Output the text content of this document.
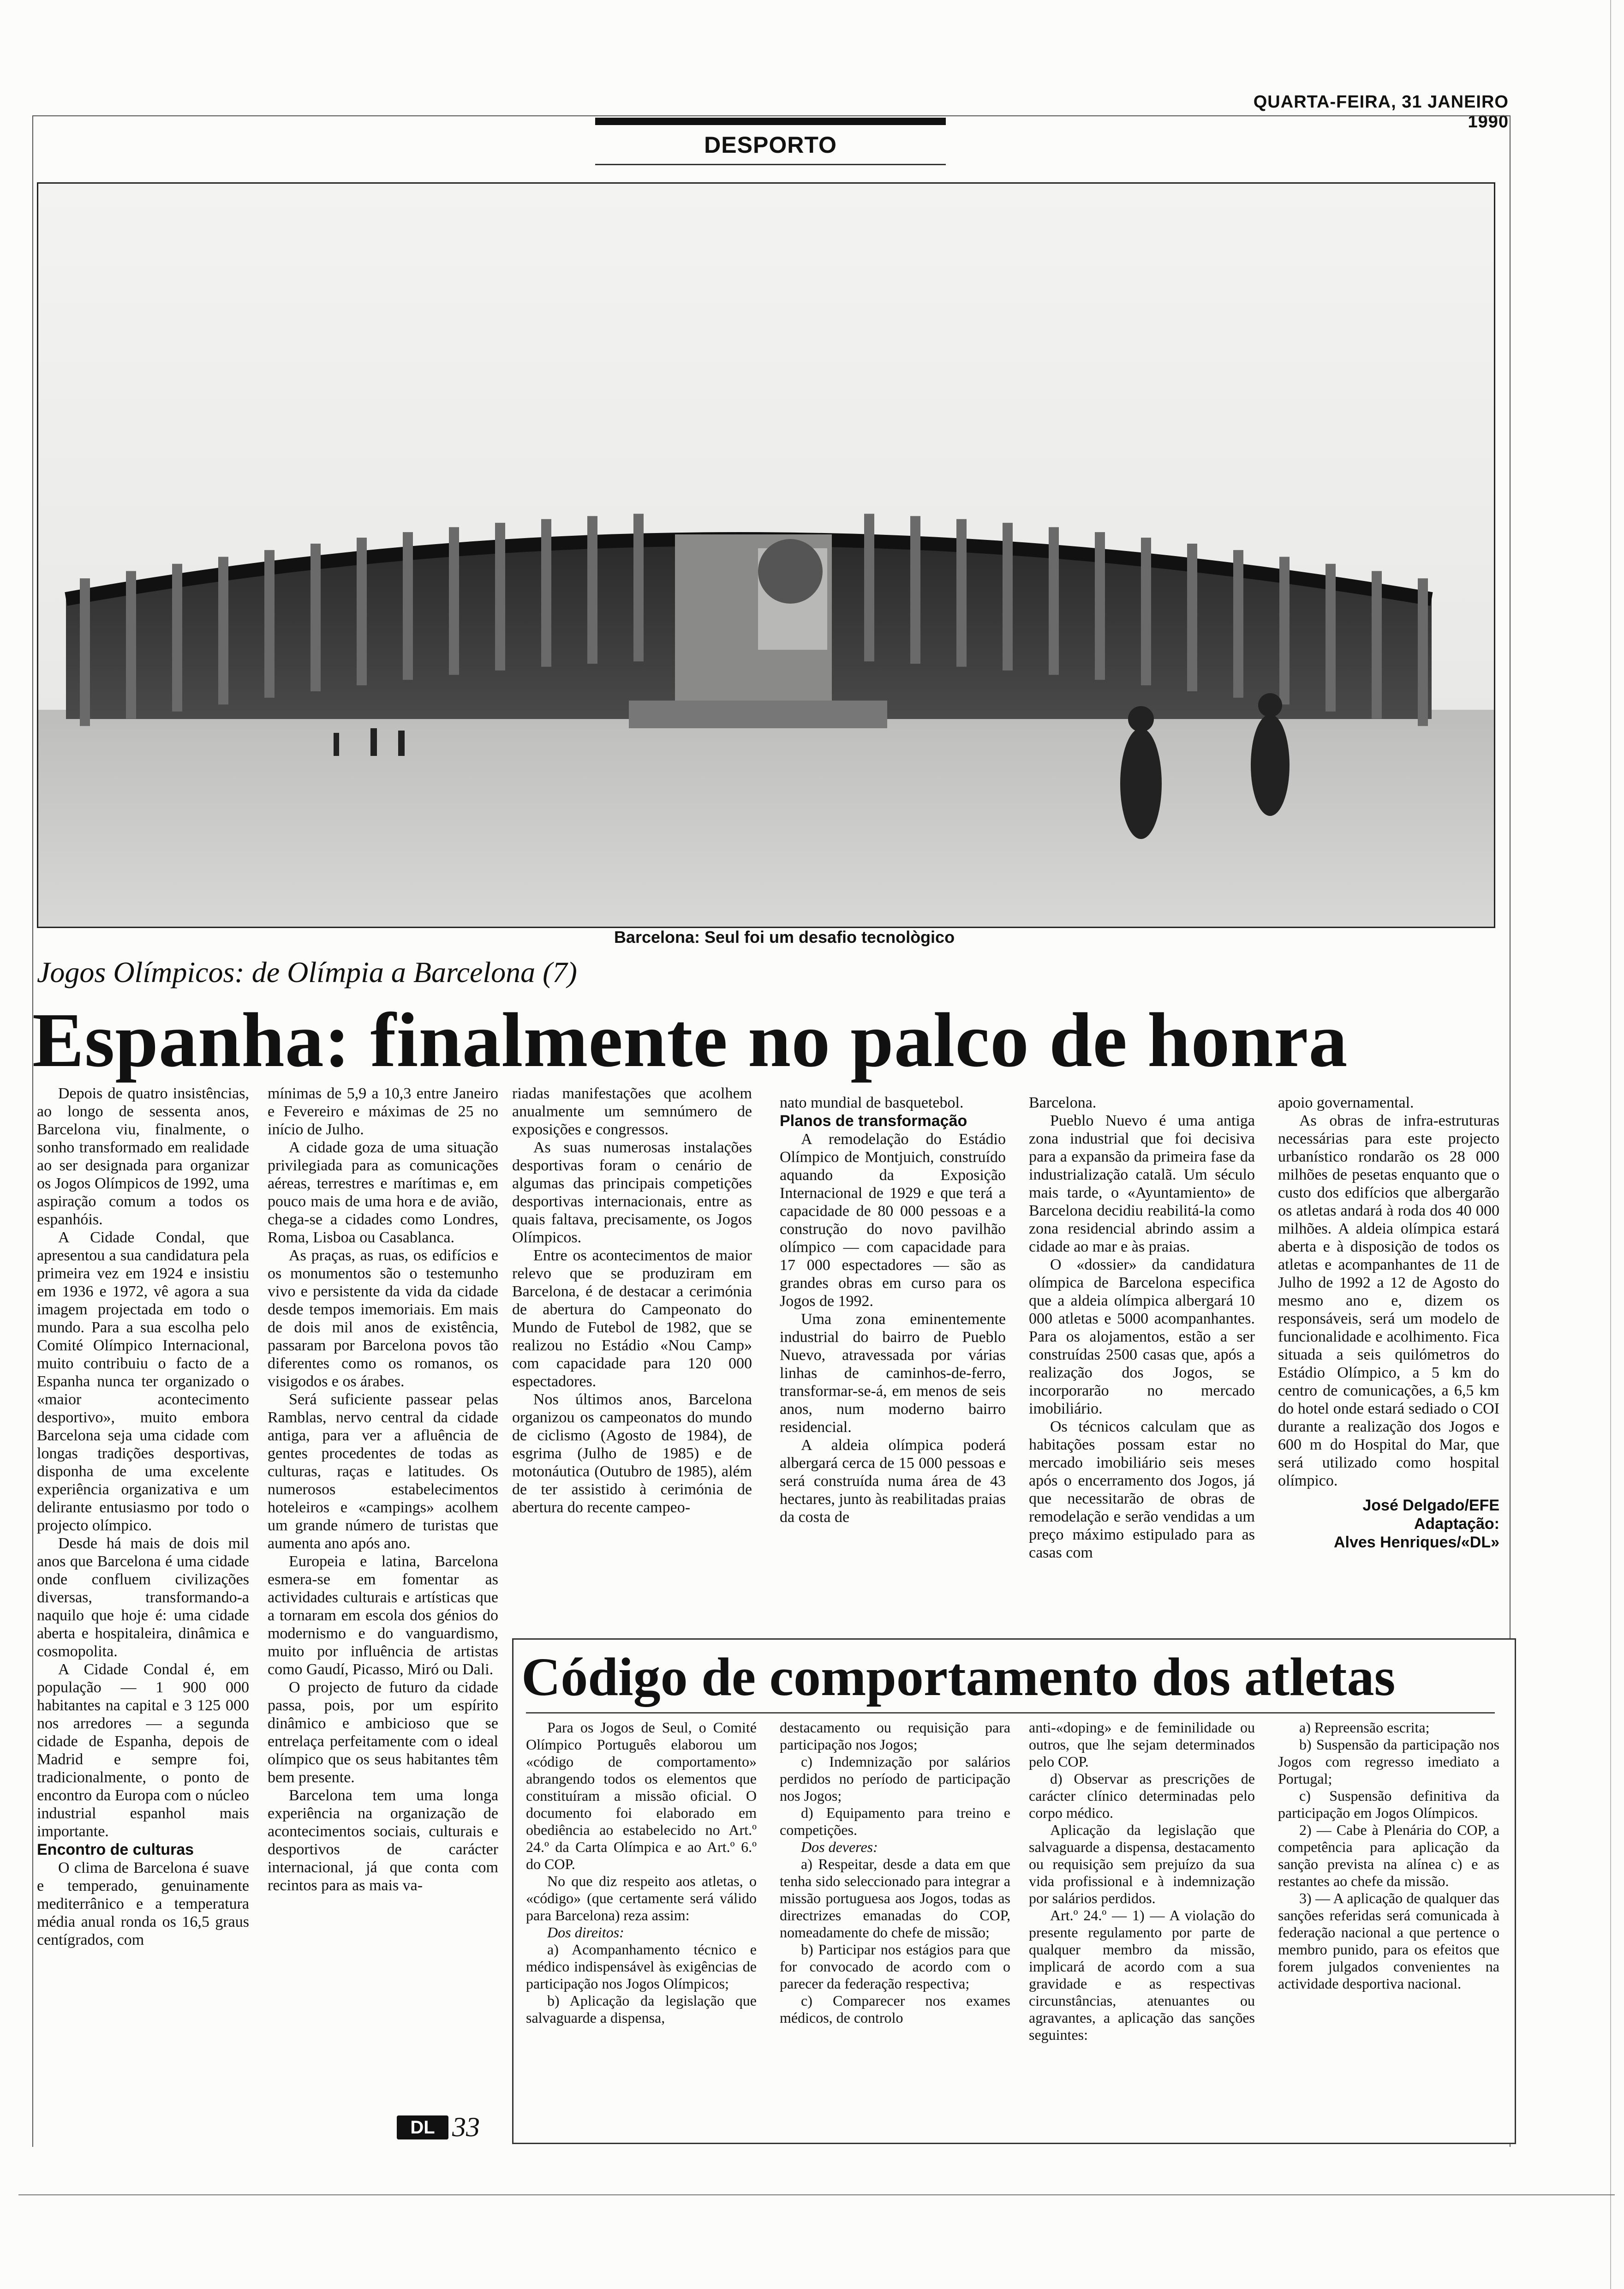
QUARTA-FEIRA, 31 JANEIRO 1990
DESPORTO
Barcelona: Seul foi um desafio tecnològico
Jogos Olímpicos: de Olímpia a Barcelona (7)
Espanha: finalmente no palco de honra

Depois de quatro insistências, ao longo de sessenta anos, Barcelona viu, finalmente, o sonho transformado em realidade ao ser designada para organizar os Jogos Olímpicos de 1992, uma aspiração comum a todos os espanhóis.

A Cidade Condal, que apresentou a sua candidatura pela primeira vez em 1924 e insistiu em 1936 e 1972, vê agora a sua imagem projectada em todo o mundo. Para a sua escolha pelo Comité Olímpico Internacional, muito contribuiu o facto de a Espanha nunca ter organizado o «maior acontecimento desportivo», muito embora Barcelona seja uma cidade com longas tradições desportivas, disponha de uma excelente experiência organizativa e um delirante entusiasmo por todo o projecto olímpico.

Desde há mais de dois mil anos que Barcelona é uma cidade onde confluem civilizações diversas, transformando-a naquilo que hoje é: uma cidade aberta e hospitaleira, dinâmica e cosmopolita.

A Cidade Condal é, em população — 1 900 000 habitantes na capital e 3 125 000 nos arredores — a segunda cidade de Espanha, depois de Madrid e sempre foi, tradicionalmente, o ponto de encontro da Europa com o núcleo industrial espanhol mais importante.

Encontro de culturas

O clima de Barcelona é suave e temperado, genuinamente mediterrânico e a temperatura média anual ronda os 16,5 graus centígrados, com

mínimas de 5,9 a 10,3 entre Janeiro e Fevereiro e máximas de 25 no início de Julho.

A cidade goza de uma situação privilegiada para as comunicações aéreas, terrestres e marítimas e, em pouco mais de uma hora e de avião, chega-se a cidades como Londres, Roma, Lisboa ou Casablanca.

As praças, as ruas, os edifícios e os monumentos são o testemunho vivo e persistente da vida da cidade desde tempos imemoriais. Em mais de dois mil anos de existência, passaram por Barcelona povos tão diferentes como os romanos, os visigodos e os árabes.

Será suficiente passear pelas Ramblas, nervo central da cidade antiga, para ver a afluência de gentes procedentes de todas as culturas, raças e latitudes. Os numerosos estabelecimentos hoteleiros e «campings» acolhem um grande número de turistas que aumenta ano após ano.

Europeia e latina, Barcelona esmera-se em fomentar as actividades culturais e artísticas que a tornaram em escola dos génios do modernismo e do vanguardismo, muito por influência de artistas como Gaudí, Picasso, Miró ou Dali.

O projecto de futuro da cidade passa, pois, por um espírito dinâmico e ambicioso que se entrelaça perfeitamente com o ideal olímpico que os seus habitantes têm bem presente.

Barcelona tem uma longa experiência na organização de acontecimentos sociais, culturais e desportivos de carácter internacional, já que conta com recintos para as mais va-

riadas manifestações que acolhem anualmente um semnúmero de exposições e congressos.

As suas numerosas instalações desportivas foram o cenário de algumas das principais competições desportivas internacionais, entre as quais faltava, precisamente, os Jogos Olímpicos.

Entre os acontecimentos de maior relevo que se produziram em Barcelona, é de destacar a cerimónia de abertura do Campeonato do Mundo de Futebol de 1982, que se realizou no Estádio «Nou Camp» com capacidade para 120 000 espectadores.

Nos últimos anos, Barcelona organizou os campeonatos do mundo de ciclismo (Agosto de 1984), de esgrima (Julho de 1985) e de motonáutica (Outubro de 1985), além de ter assistido à cerimónia de abertura do recente campeo-

nato mundial de basquetebol.

Planos de transformação

A remodelação do Estádio Olímpico de Montjuich, construído aquando da Exposição Internacional de 1929 e que terá a capacidade de 80 000 pessoas e a construção do novo pavilhão olímpico — com capacidade para 17 000 espectadores — são as grandes obras em curso para os Jogos de 1992.

Uma zona eminentemente industrial do bairro de Pueblo Nuevo, atravessada por várias linhas de caminhos-de-ferro, transformar-se-á, em menos de seis anos, num moderno bairro residencial.

A aldeia olímpica poderá albergará cerca de 15 000 pessoas e será construída numa área de 43 hectares, junto às reabilitadas praias da costa de

Barcelona.

Pueblo Nuevo é uma antiga zona industrial que foi decisiva para a expansão da primeira fase da industrialização catalã. Um século mais tarde, o «Ayuntamiento» de Barcelona decidiu reabilitá-la como zona residencial abrindo assim a cidade ao mar e às praias.

O «dossier» da candidatura olímpica de Barcelona especifica que a aldeia olímpica albergará 10 000 atletas e 5000 acompanhantes. Para os alojamentos, estão a ser construídas 2500 casas que, após a realização dos Jogos, se incorporarão no mercado imobiliário.

Os técnicos calculam que as habitações possam estar no mercado imobiliário seis meses após o encerramento dos Jogos, já que necessitarão de obras de remodelação e serão vendidas a um preço máximo estipulado para as casas com

apoio governamental.

As obras de infra-estruturas necessárias para este projecto urbanístico rondarão os 28 000 milhões de pesetas enquanto que o custo dos edifícios que albergarão os atletas andará à roda dos 40 000 milhões. A aldeia olímpica estará aberta e à disposição de todos os atletas e acompanhantes de 11 de Julho de 1992 a 12 de Agosto do mesmo ano e, dizem os responsáveis, será um modelo de funcionalidade e acolhimento. Fica situada a seis quilómetros do Estádio Olímpico, a 5 km do centro de comunicações, a 6,5 km do hotel onde estará sediado o COI durante a realização dos Jogos e 600 m do Hospital do Mar, que será utilizado como hospital olímpico.

José Delgado/EFE
Adaptação:
Alves Henriques/«DL»
Código de comportamento dos atletas

Para os Jogos de Seul, o Comité Olímpico Português elaborou um «código de comportamento» abrangendo todos os elementos que constituíram a missão oficial. O documento foi elaborado em obediência ao estabelecido no Art.º 24.º da Carta Olímpica e ao Art.º 6.º do COP.

No que diz respeito aos atletas, o «código» (que certamente será válido para Barcelona) reza assim:

Dos direitos:

a) Acompanhamento técnico e médico indispensável às exigências de participação nos Jogos Olímpicos;

b) Aplicação da legislação que salvaguarde a dispensa,

destacamento ou requisição para participação nos Jogos;

c) Indemnização por salários perdidos no período de participação nos Jogos;

d) Equipamento para treino e competições.

Dos deveres:

a) Respeitar, desde a data em que tenha sido seleccionado para integrar a missão portuguesa aos Jogos, todas as directrizes emanadas do COP, nomeadamente do chefe de missão;

b) Participar nos estágios para que for convocado de acordo com o parecer da federação respectiva;

c) Comparecer nos exames médicos, de controlo

anti-«doping» e de feminilidade ou outros, que lhe sejam determinados pelo COP.

d) Observar as prescrições de carácter clínico determinadas pelo corpo médico.

Aplicação da legislação que salvaguarde a dispensa, destacamento ou requisição sem prejuízo da sua vida profissional e à indemnização por salários perdidos.

Art.º 24.º — 1) — A violação do presente regulamento por parte de qualquer membro da missão, implicará de acordo com a sua gravidade e as respectivas circunstâncias, atenuantes ou agravantes, a aplicação das sanções seguintes:

a) Repreensão escrita;

b) Suspensão da participação nos Jogos com regresso imediato a Portugal;

c) Suspensão definitiva da participação em Jogos Olímpicos.

2) — Cabe à Plenária do COP, a competência para aplicação da sanção prevista na alínea c) e as restantes ao chefe da missão.

3) — A aplicação de qualquer das sanções referidas será comunicada à federação nacional a que pertence o membro punido, para os efeitos que forem julgados convenientes na actividade desportiva nacional.

DL 33
